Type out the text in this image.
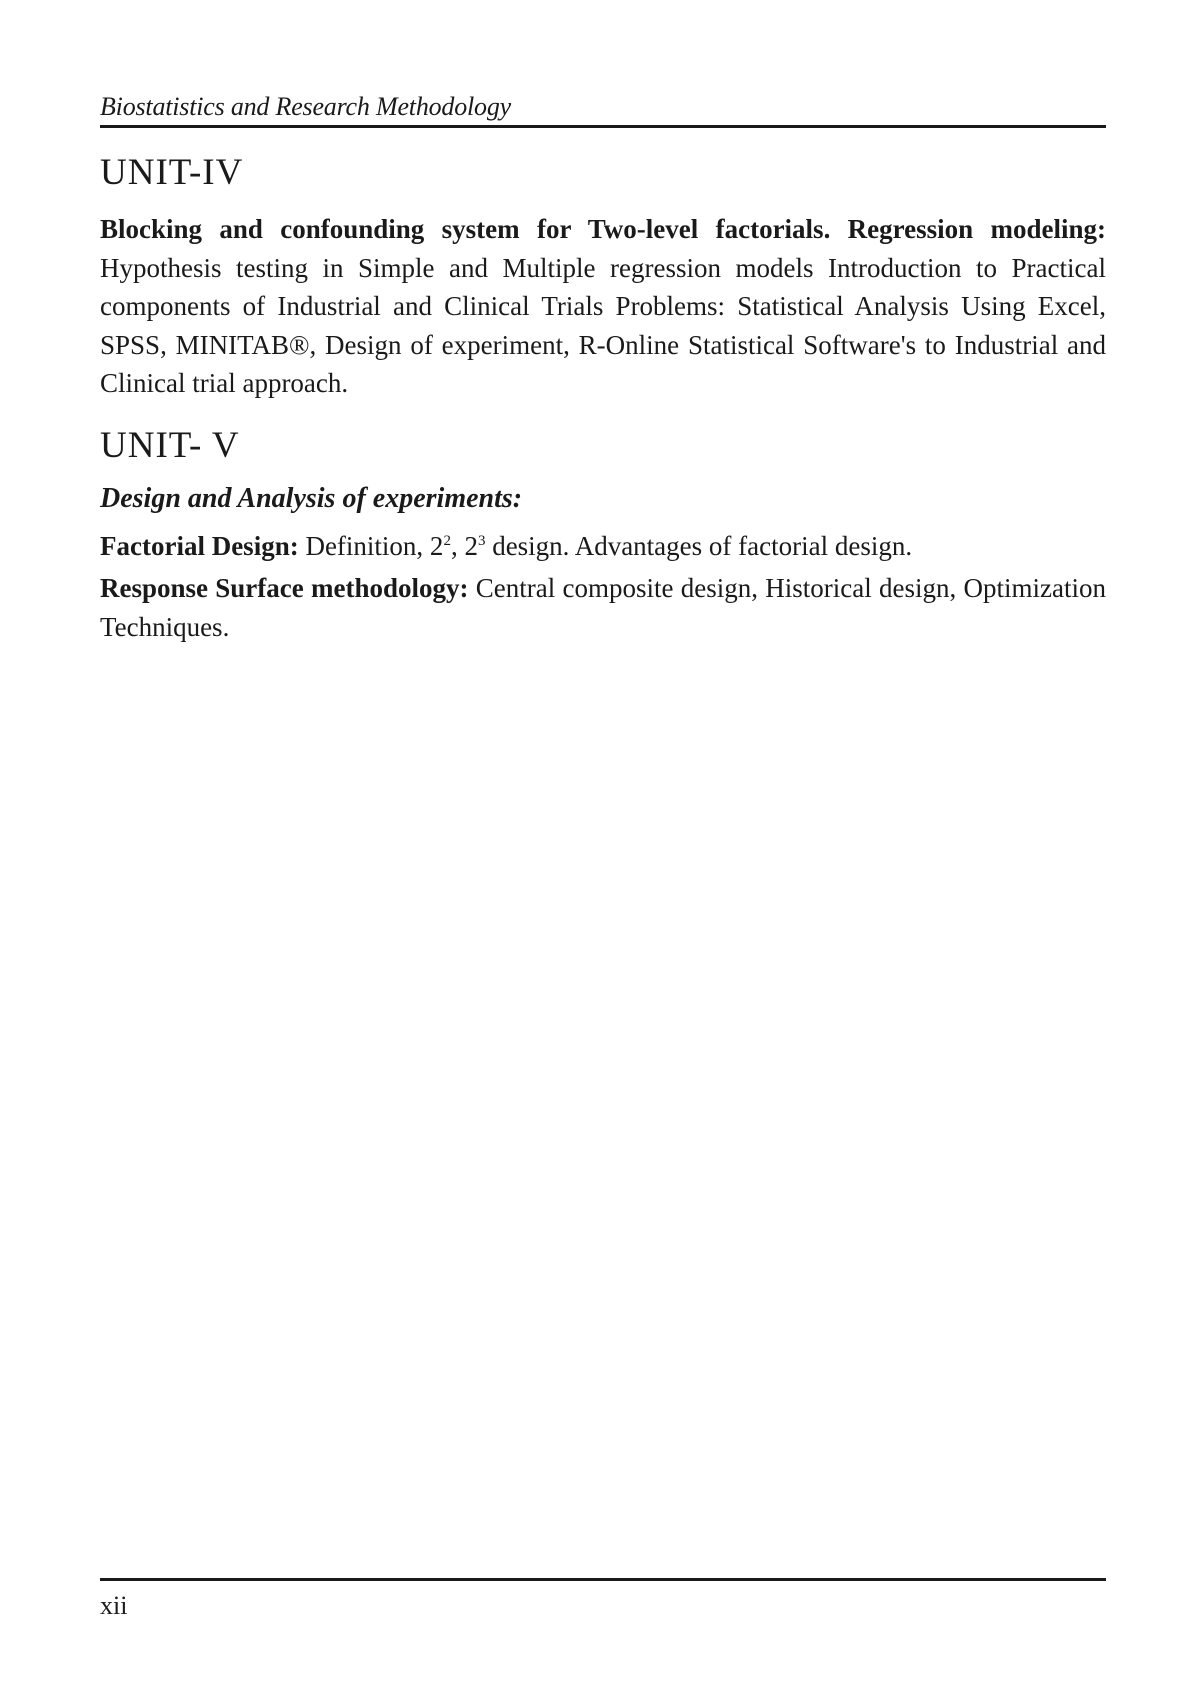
Biostatistics and Research Methodology
UNIT-IV

Blocking and confounding system for Two-level factorials. Regression modeling: Hypothesis testing in Simple and Multiple regression models Introduction to Practical components of Industrial and Clinical Trials Problems: Statistical Analysis Using Excel, SPSS, MINITAB®, Design of experiment, R-Online Statistical Software's to Industrial and Clinical trial approach.

UNIT- V

Design and Analysis of experiments:

Factorial Design: Definition, $2^2$, $2^3$ design. Advantages of factorial design.

Response Surface methodology: Central composite design, Historical design, Optimization Techniques.

xii
